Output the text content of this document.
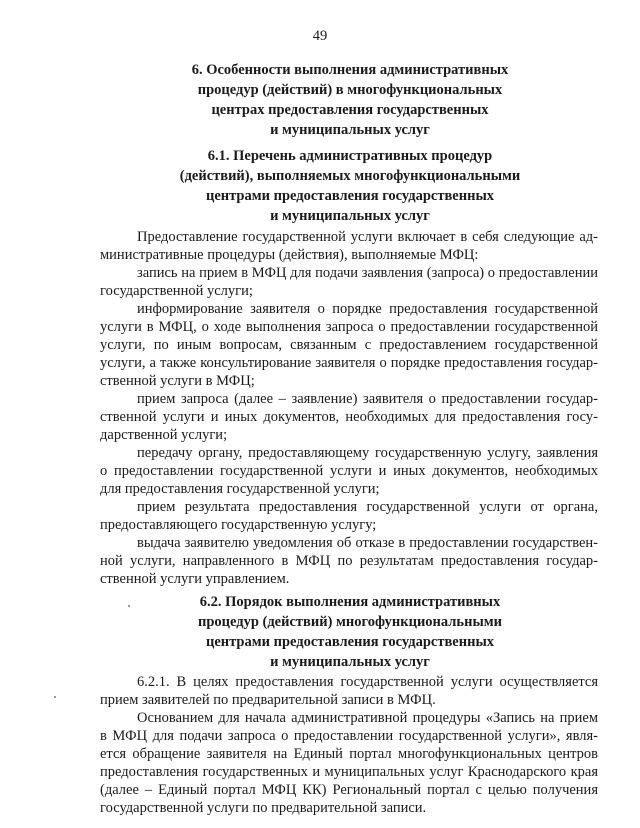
49
6. Особенности выполнения административных
процедур (действий) в многофункциональных
центрах предоставления государственных
и муниципальных услуг
6.1. Перечень административных процедур
(действий), выполняемых многофункциональными
центрами предоставления государственных
и муниципальных услуг
Предоставление государственной услуги включает в себя следующие ад-
министративные процедуры (действия), выполняемые МФЦ:
запись на прием в МФЦ для подачи заявления (запроса) о предоставлении
государственной услуги;
информирование заявителя о порядке предоставления государственной
услуги в МФЦ, о ходе выполнения запроса о предоставлении государственной
услуги, по иным вопросам, связанным с предоставлением государственной
услуги, а также консультирование заявителя о порядке предоставления государ-
ственной услуги в МФЦ;
прием запроса (далее – заявление) заявителя о предоставлении государ-
ственной услуги и иных документов, необходимых для предоставления госу-
дарственной услуги;
передачу органу, предоставляющему государственную услугу, заявления
о предоставлении государственной услуги и иных документов, необходимых
для предоставления государственной услуги;
прием результата предоставления государственной услуги от органа,
предоставляющего государственную услугу;
выдача заявителю уведомления об отказе в предоставлении государствен-
ной услуги, направленного в МФЦ по результатам предоставления государ-
ственной услуги управлением.
6.2. Порядок выполнения административных
процедур (действий) многофункциональными
центрами предоставления государственных
и муниципальных услуг
6.2.1. В целях предоставления государственной услуги осуществляется
прием заявителей по предварительной записи в МФЦ.
Основанием для начала административной процедуры «Запись на прием
в МФЦ для подачи запроса о предоставлении государственной услуги», явля-
ется обращение заявителя на Единый портал многофункциональных центров
предоставления государственных и муниципальных услуг Краснодарского края
(далее – Единый портал МФЦ КК) Региональный портал с целью получения
государственной услуги по предварительной записи.
